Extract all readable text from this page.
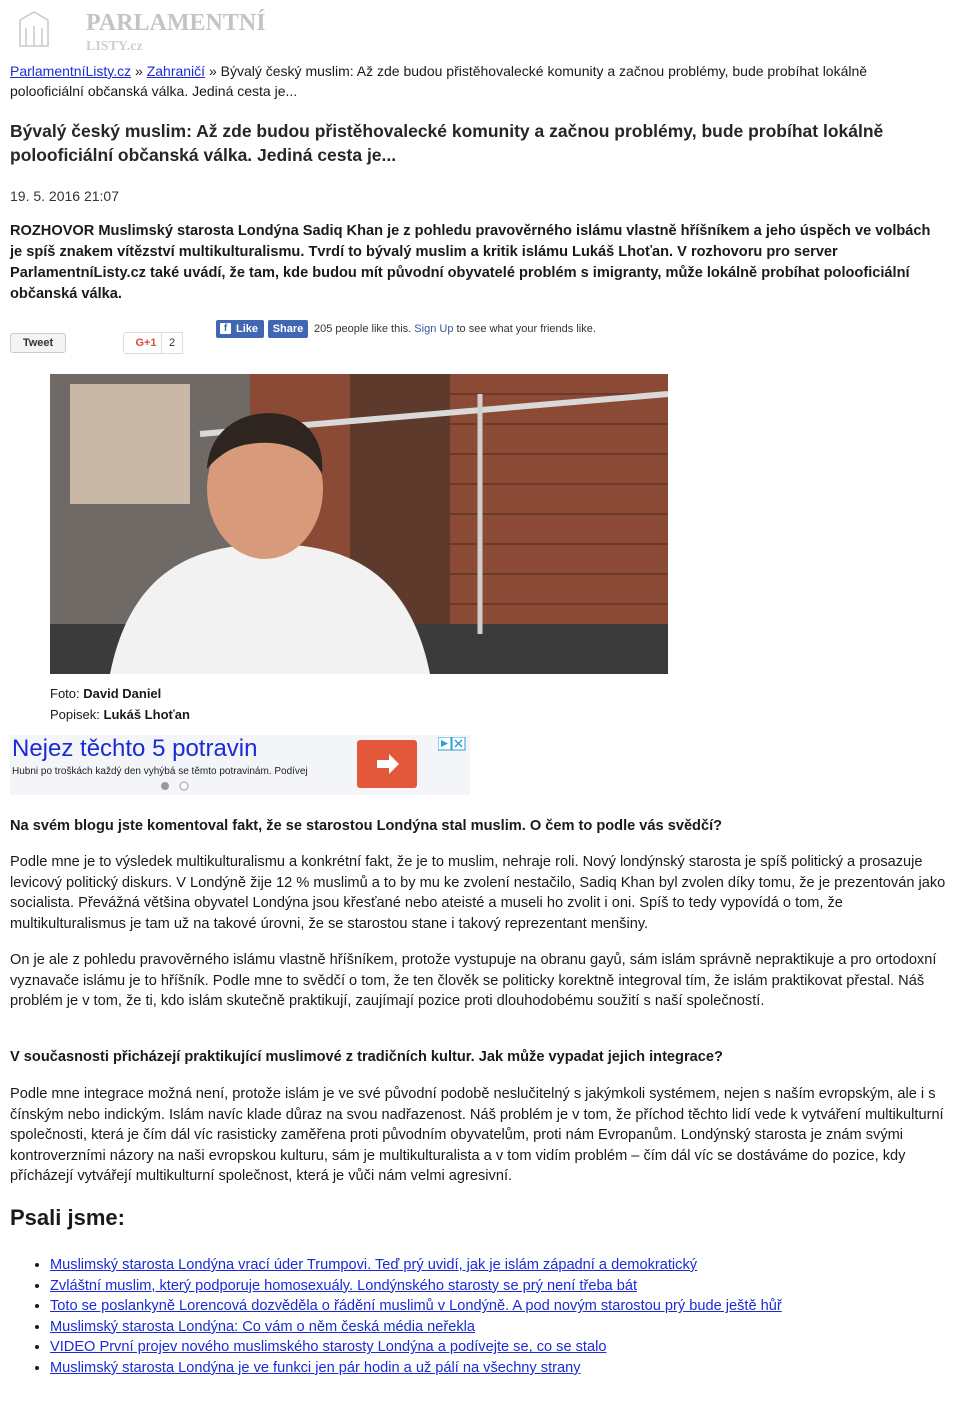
PARLAMENTNÍ
LISTY.cz
ParlamentníListy.cz » Zahraničí » Bývalý český muslim: Až zde budou přistěhovalecké komunity a začnou problémy, bude probíhat lokálně polooficiální občanská válka. Jediná cesta je...
Bývalý český muslim: Až zde budou přistěhovalecké komunity a začnou problémy, bude probíhat lokálně polooficiální občanská válka. Jediná cesta je...
19. 5. 2016 21:07

ROZHOVOR Muslimský starosta Londýna Sadiq Khan je z pohledu pravověrného islámu vlastně hříšníkem a jeho úspěch ve volbách je spíš znakem vítězství multikulturalismu. Tvrdí to bývalý muslim a kritik islámu Lukáš Lhoťan. V rozhovoru pro server ParlamentníListy.cz také uvádí, že tam, kde budou mít původní obyvatelé problém s imigranty, může lokálně probíhat polooficiální občanská válka.

Tweet	G+1	2
f Like	Share 205 people like this. Sign Up to see what your friends like.
Foto: David Daniel
Popisek: Lukáš Lhoťan
Nejez těchto 5 potravin
Hubni po troškách každý den vyhýbá se těmto potravinám. Podívej

Na svém blogu jste komentoval fakt, že se starostou Londýna stal muslim. O čem to podle vás svědčí?

Podle mne je to výsledek multikulturalismu a konkrétní fakt, že je to muslim, nehraje roli. Nový londýnský starosta je spíš politický a prosazuje levicový politický diskurs. V Londýně žije 12 % muslimů a to by mu ke zvolení nestačilo, Sadiq Khan byl zvolen díky tomu, že je prezentován jako socialista. Převážná většina obyvatel Londýna jsou křesťané nebo ateisté a museli ho zvolit i oni. Spíš to tedy vypovídá o tom, že multikulturalismus je tam už na takové úrovni, že se starostou stane i takový reprezentant menšiny.

On je ale z pohledu pravověrného islámu vlastně hříšníkem, protože vystupuje na obranu gayů, sám islám správně nepraktikuje a pro ortodoxní vyznavače islámu je to hříšník. Podle mne to svědčí o tom, že ten člověk se politicky korektně integroval tím, že islám praktikovat přestal. Náš problém je v tom, že ti, kdo islám skutečně praktikují, zaujímají pozice proti dlouhodobému soužití s naší společností.

V současnosti přicházejí praktikující muslimové z tradičních kultur. Jak může vypadat jejich integrace?

Podle mne integrace možná není, protože islám je ve své původní podobě neslučitelný s jakýmkoli systémem, nejen s naším evropským, ale i s čínským nebo indickým. Islám navíc klade důraz na svou nadřazenost. Náš problém je v tom, že příchod těchto lidí vede k vytváření multikulturní společnosti, která je čím dál víc rasisticky zaměřena proti původním obyvatelům, proti nám Evropanům. Londýnský starosta je znám svými kontroverzními názory na naši evropskou kulturu, sám je multikulturalista a v tom vidím problém – čím dál víc se dostáváme do pozice, kdy přícházejí vytvářejí multikulturní společnost, která je vůči nám velmi agresivní.

Psali jsme:
• Muslimský starosta Londýna vrací úder Trumpovi. Teď prý uvidí, jak je islám západní a demokratický
• Zvláštní muslim, který podporuje homosexuály. Londýnského starosty se prý není třeba bát
• Toto se poslankyně Lorencová dozvěděla o řádění muslimů v Londýně. A pod novým starostou prý bude ještě hůř
• Muslimský starosta Londýna: Co vám o něm česká média neřekla
• VIDEO První projev nového muslimského starosty Londýna a podívejte se, co se stalo
• Muslimský starosta Londýna je ve funkci jen pár hodin a už pálí na všechny strany
